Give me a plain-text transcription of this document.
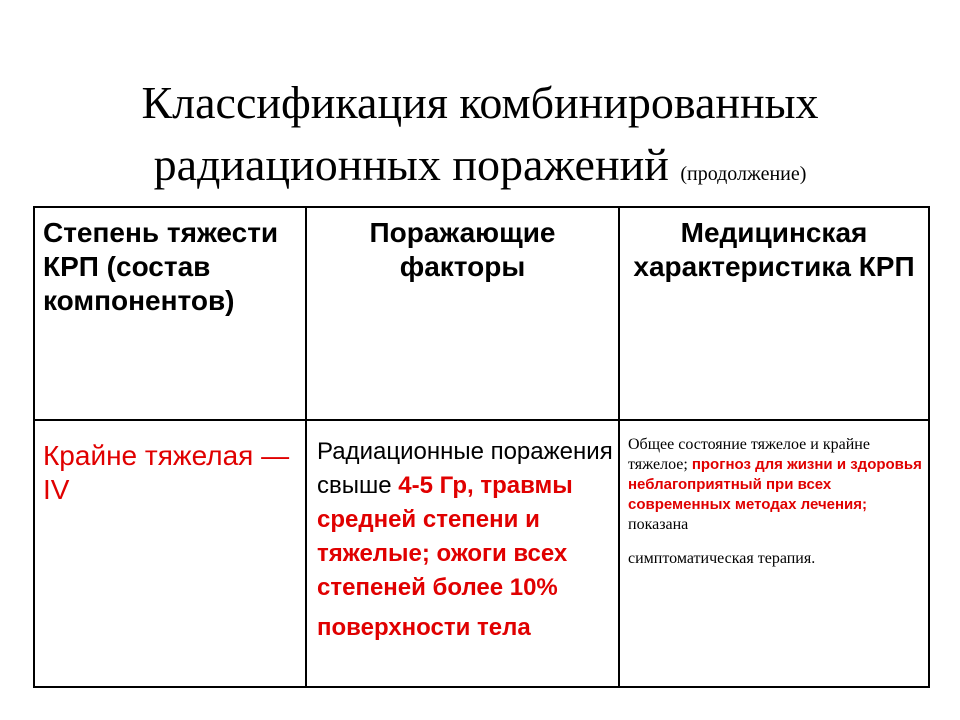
Классификация комбинированных
радиационных поражений (продолжение)
Степень тяжести КРП (состав компонентов)	Поражающие факторы	Медицинская характеристика КРП

Крайне тяжелая — IV	Радиационные поражения свыше 4-5 Гр, травмы средней степени и тяжелые; ожоги всех степеней более 10% поверхности тела	Общее состояние тяжелое и крайне тяжелое; прогноз для жизни и здоровья неблагоприятный при всех современных методах лечения; показана
симптоматическая терапия.
